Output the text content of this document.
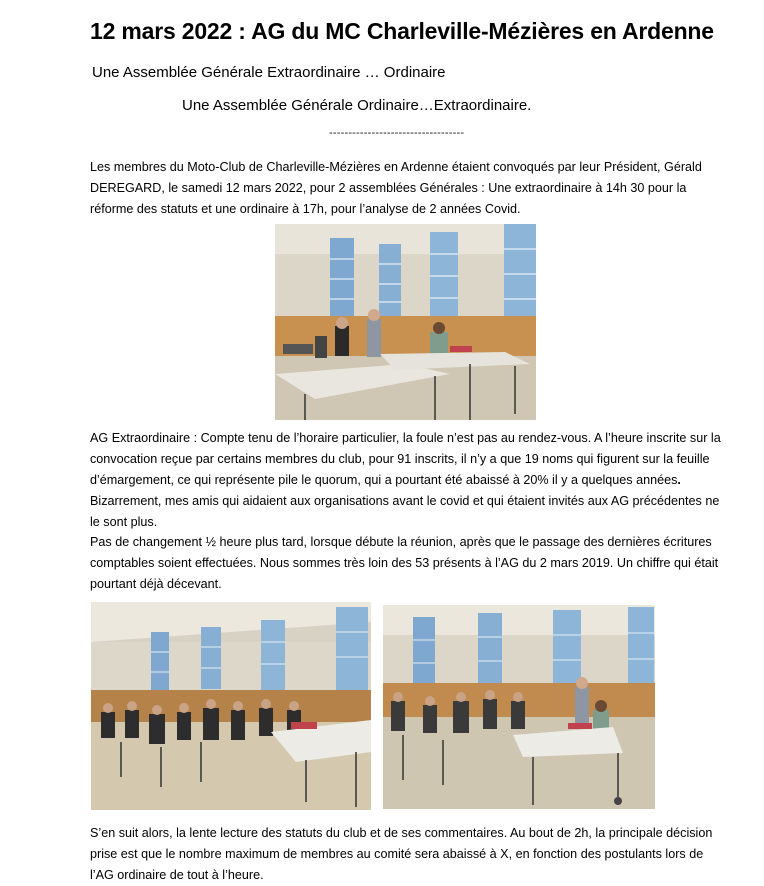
12 mars 2022 : AG du MC Charleville-Mézières en Ardenne
Une Assemblée Générale Extraordinaire … Ordinaire
Une Assemblée Générale Ordinaire…Extraordinaire.
-----------------------------------

Les membres du Moto-Club de Charleville-Mézières en Ardenne étaient convoqués par leur Président, Gérald DEREGARD, le samedi 12 mars 2022, pour 2 assemblées Générales : Une extraordinaire à 14h 30 pour la réforme des statuts et une ordinaire à 17h, pour l’analyse de 2 années Covid.

AG Extraordinaire : Compte tenu de l’horaire particulier, la foule n’est pas au rendez-vous. A l’heure inscrite sur la convocation reçue par certains membres du club, pour 91 inscrits, il n’y a que 19 noms qui figurent sur la feuille d’émargement, ce qui représente pile le quorum, qui a pourtant été abaissé à 20% il y a quelques années. Bizarrement, mes amis qui aidaient aux organisations avant le covid et qui étaient invités aux AG précédentes ne le sont plus.

Pas de changement ½ heure plus tard, lorsque débute la réunion, après que le passage des dernières écritures comptables soient effectuées. Nous sommes très loin des 53 présents à l’AG du 2 mars 2019. Un chiffre qui était pourtant déjà décevant.

S’en suit alors, la lente lecture des statuts du club et de ses commentaires. Au bout de 2h, la principale décision prise est que le nombre maximum de membres au comité sera abaissé à X, en fonction des postulants lors de l’AG ordinaire de tout à l’heure.
